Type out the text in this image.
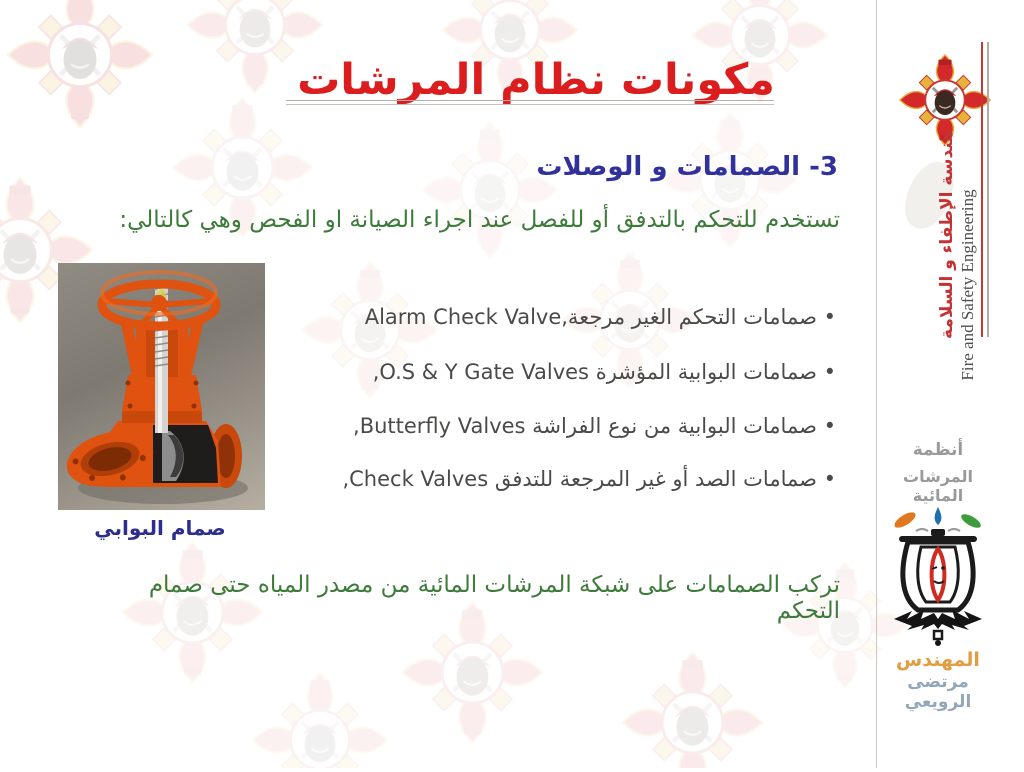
مكونات نظام المرشات
3- الصمامات و الوصلات
تستخدم للتحكم بالتدفق أو للفصل عند اجراء الصيانة او الفحص وهي كالتالي:
• صمامات التحكم الغير مرجعة,Alarm Check Valve
• صمامات البوابية المؤشرة O.S & Y Gate Valves,
• صمامات البوابية من نوع الفراشة Butterfly Valves,
• صمامات الصد أو غير المرجعة للتدفق Check Valves,
تركب الصمامات على شبكة المرشات المائية من مصدر المياه حتى صمام التحكم
صمام البوابي
هندسة الإطفاء و السلامة Fire and Safety Engineering
أنظمة
المرشات المائية
المهندس
مرتضى الرويعي
